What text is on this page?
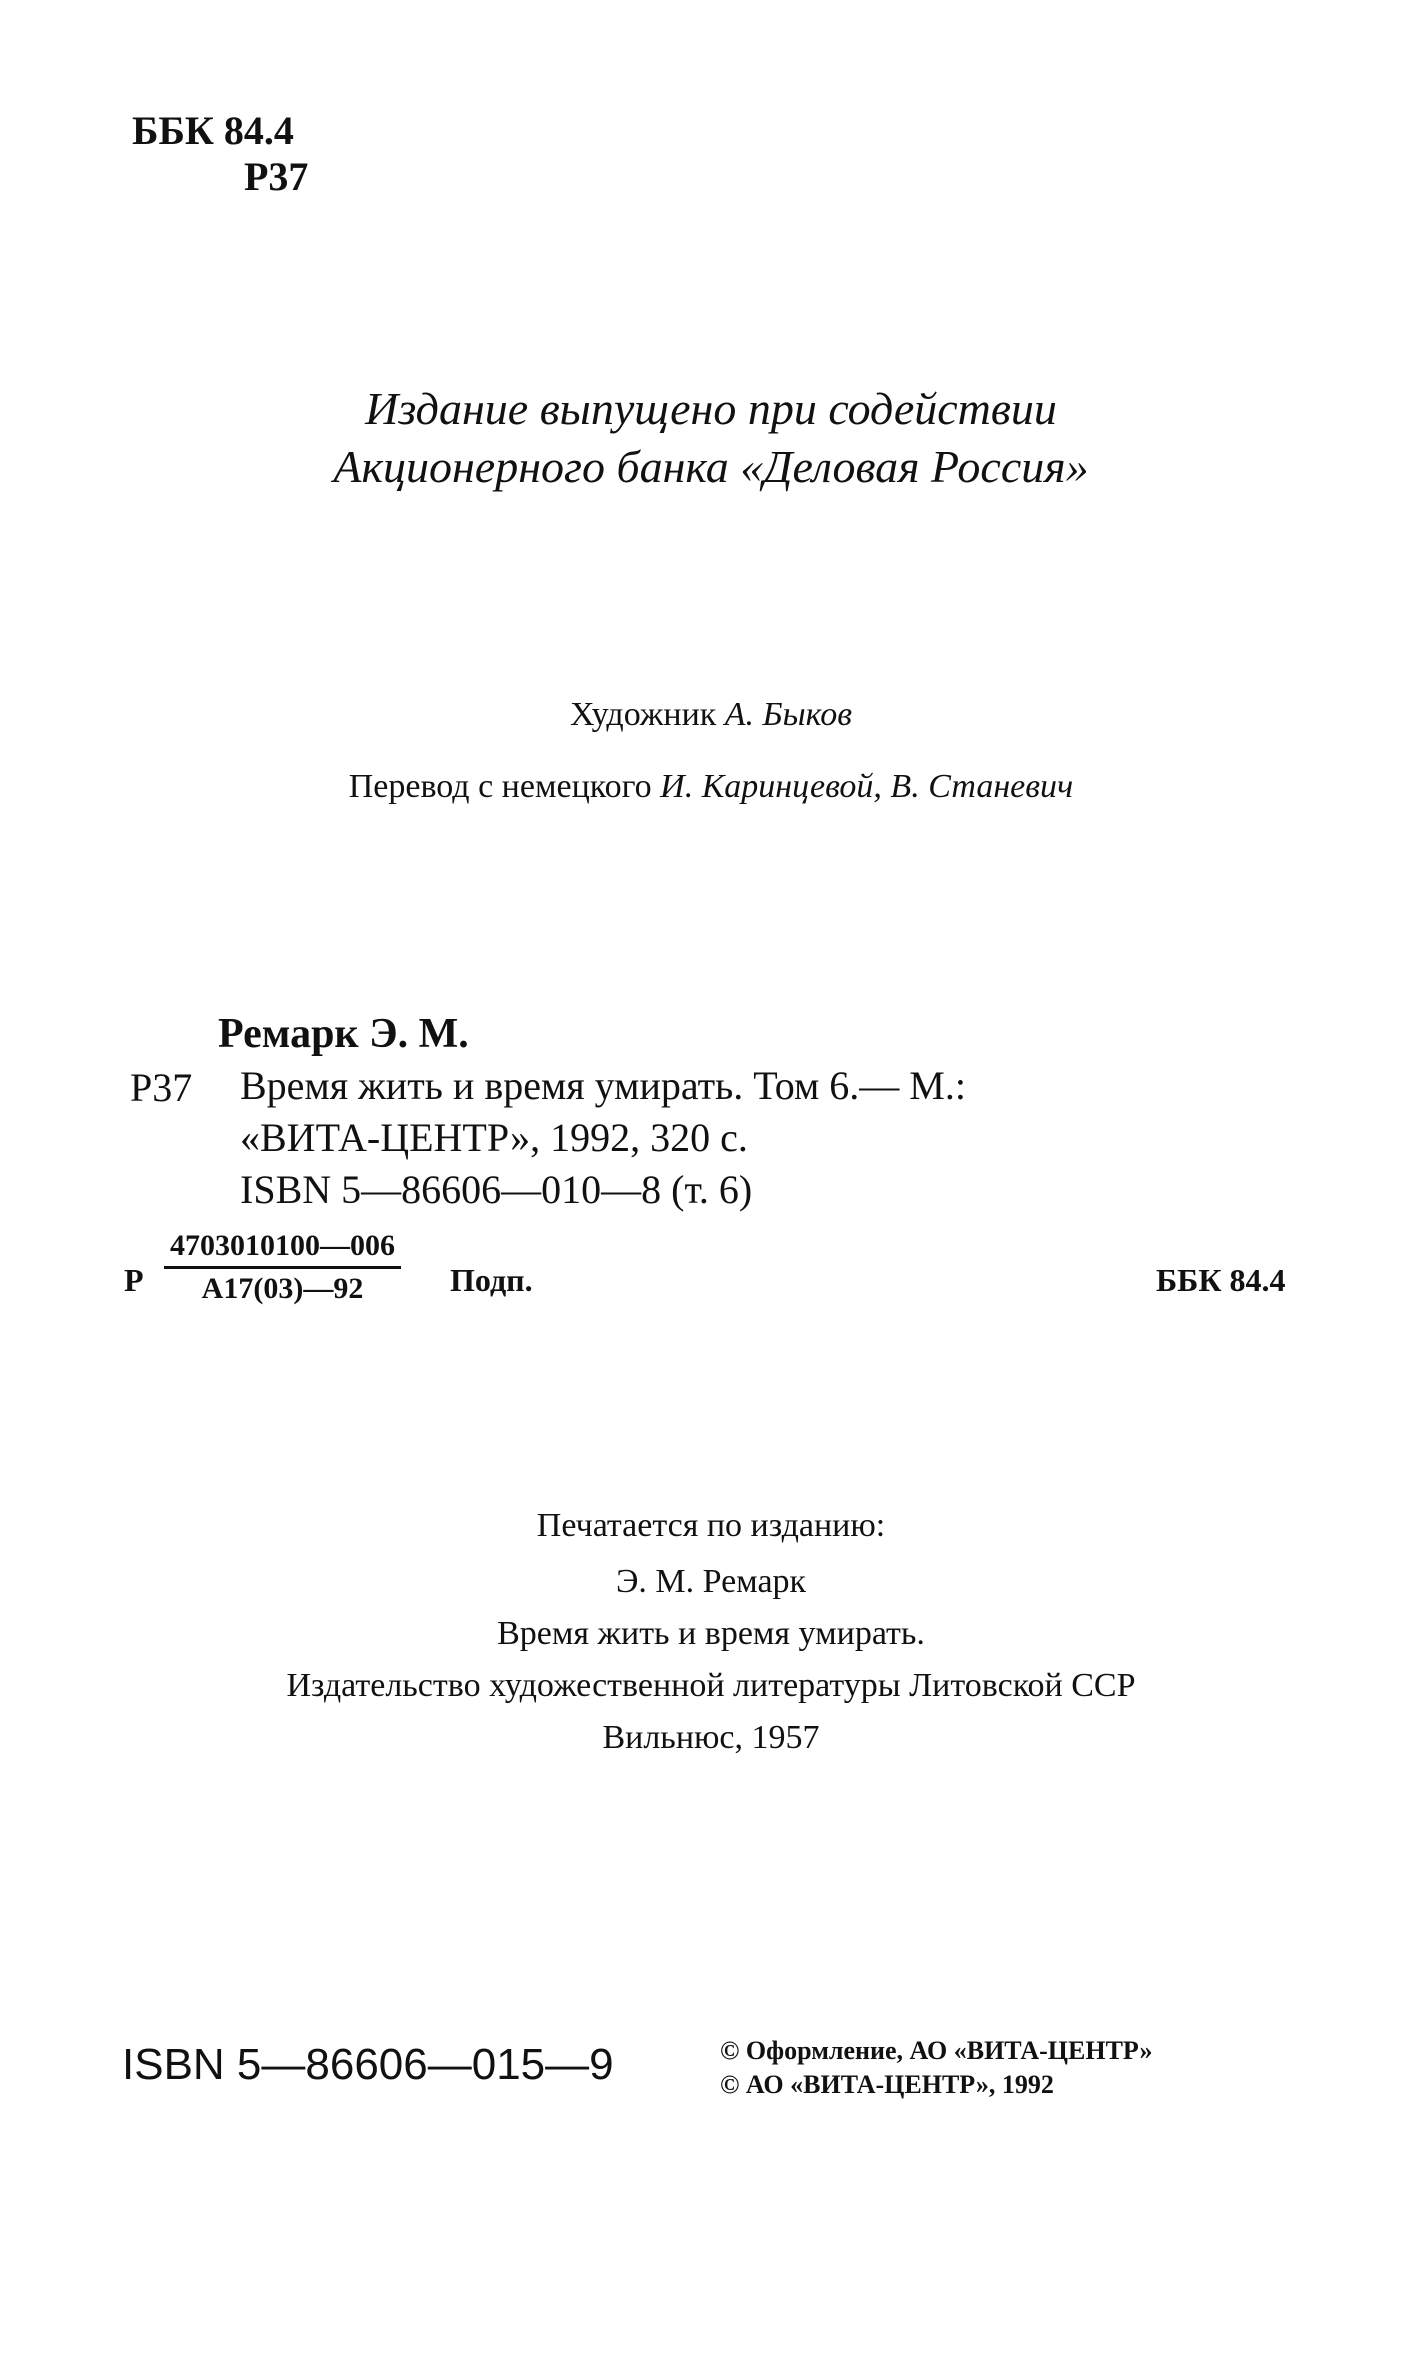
ББК 84.4
Р37
Издание выпущено при содействии
Акционерного банка «Деловая Россия»
Художник А. Быков
Перевод с немецкого И. Каринцевой, В. Станевич
Ремарк Э. М.
Р37 Время жить и время умирать. Том 6.— М.:
«ВИТА-ЦЕНТР», 1992, 320 с.
ISBN 5—86606—010—8 (т. 6)
Р
4703010100—006
А17(03)—92	Подп.	ББК 84.4
Печатается по изданию:
Э. М. Ремарк
Время жить и время умирать.
Издательство художественной литературы Литовской ССР
Вильнюс, 1957
ISBN 5—86606—015—9	© Оформление, АО «ВИТА-ЦЕНТР»
© АО «ВИТА-ЦЕНТР», 1992
